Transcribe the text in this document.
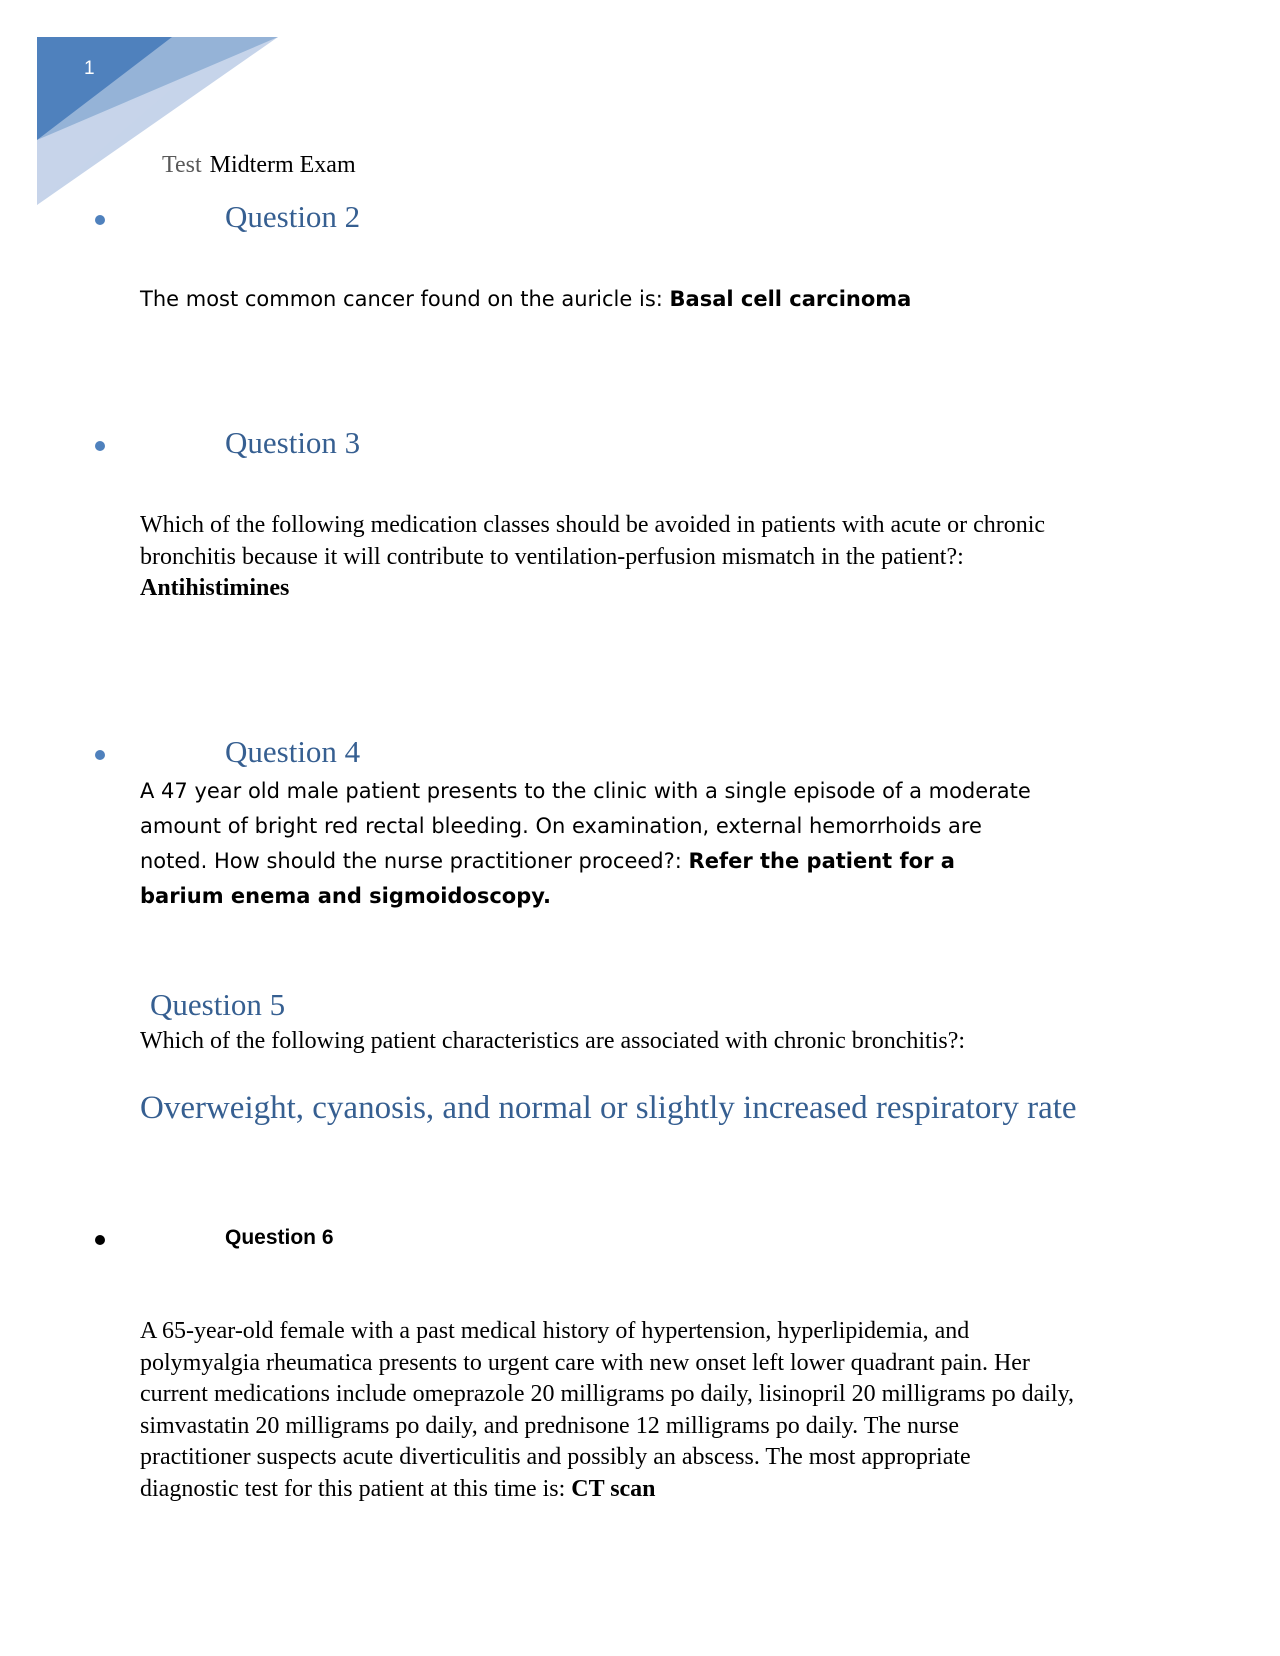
1
Test Midterm Exam
Question 2
The most common cancer found on the auricle is: Basal cell carcinoma
Question 3
Which of the following medication classes should be avoided in patients with acute or chronic bronchitis because it will contribute to ventilation-perfusion mismatch in the patient?: Antihistimines
Question 4
A 47 year old male patient presents to the clinic with a single episode of a moderate amount of bright red rectal bleeding. On examination, external hemorrhoids are noted. How should the nurse practitioner proceed?: Refer the patient for a barium enema and sigmoidoscopy.
Question 5
Which of the following patient characteristics are associated with chronic bronchitis?:
Overweight, cyanosis, and normal or slightly increased respiratory rate
Question 6
A 65-year-old female with a past medical history of hypertension, hyperlipidemia, and polymyalgia rheumatica presents to urgent care with new onset left lower quadrant pain. Her current medications include omeprazole 20 milligrams po daily, lisinopril 20 milligrams po daily, simvastatin 20 milligrams po daily, and prednisone 12 milligrams po daily. The nurse practitioner suspects acute diverticulitis and possibly an abscess. The most appropriate diagnostic test for this patient at this time is: CT scan
